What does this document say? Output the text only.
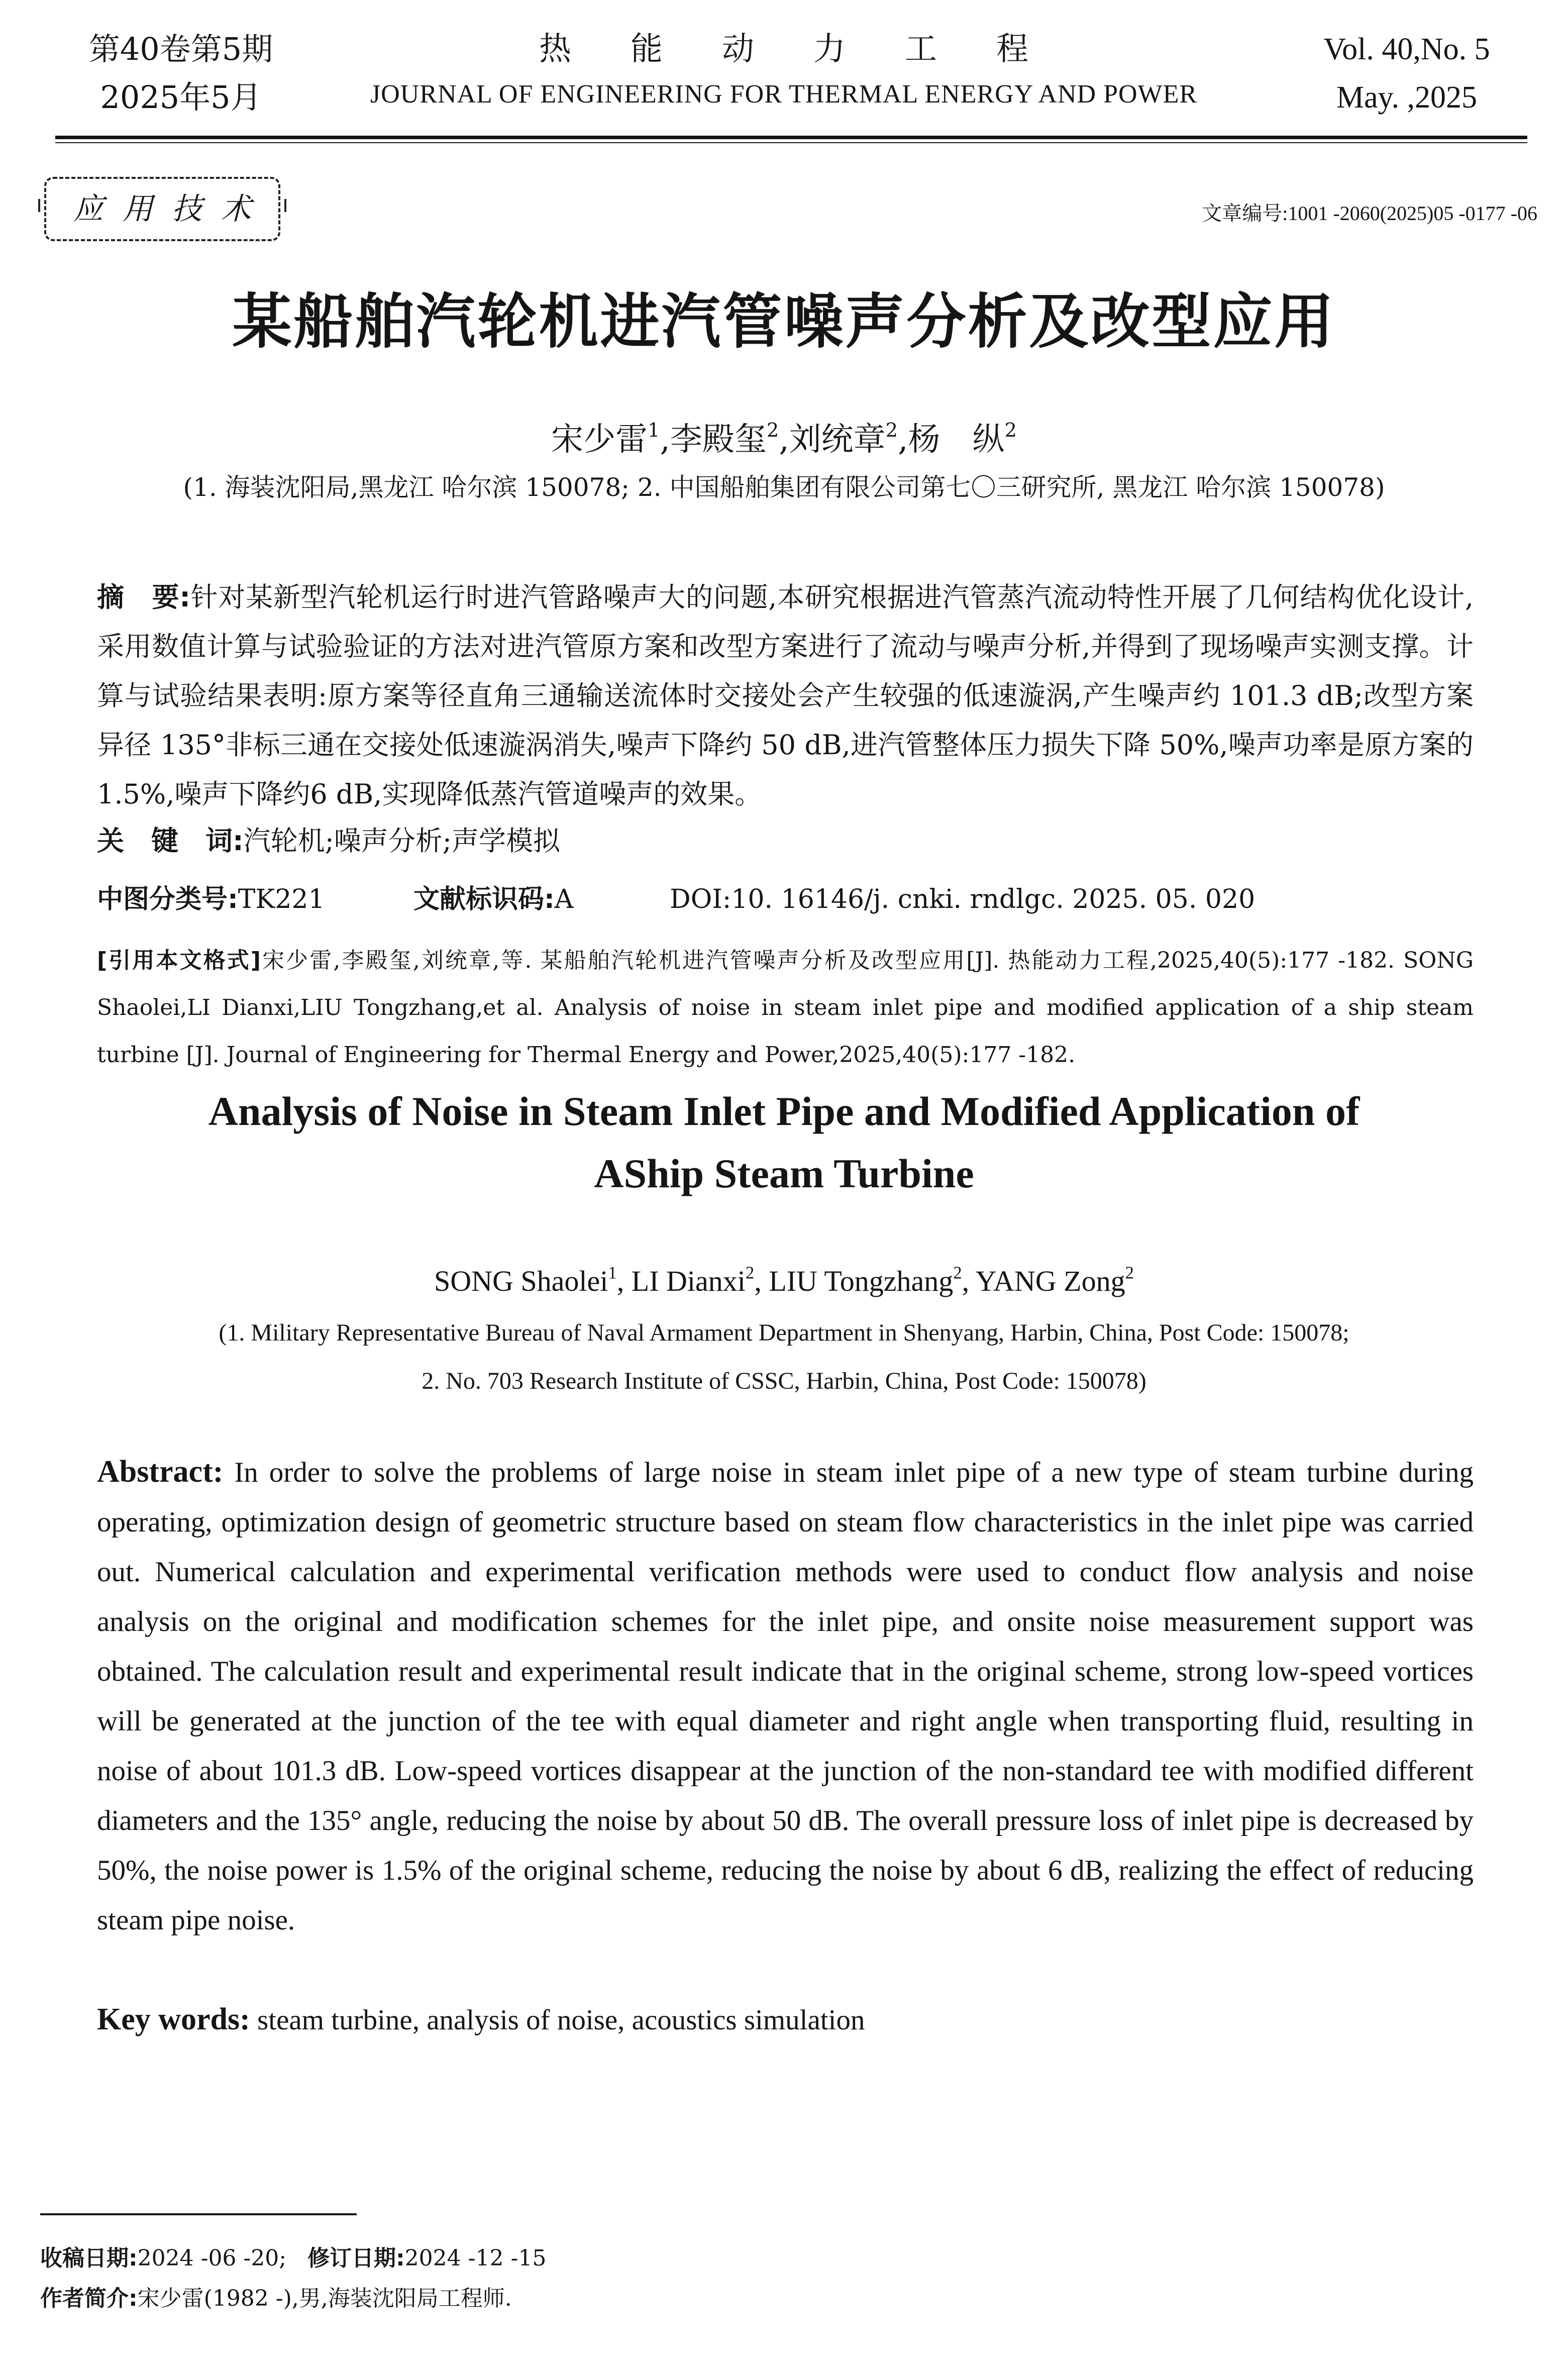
第40卷第5期
2025年5月
热能动力工程
JOURNAL OF ENGINEERING FOR THERMAL ENERGY AND POWER
Vol. 40,No. 5
May. ,2025
应用技术	文章编号:1001 -2060(2025)05 -0177 -06
某船舶汽轮机进汽管噪声分析及改型应用
宋少雷$^1$,李殿玺$^2$,刘统章$^2$,杨　纵$^2$
(1. 海装沈阳局,黑龙江 哈尔滨 150078; 2. 中国船舶集团有限公司第七〇三研究所, 黑龙江 哈尔滨 150078)
摘　要:针对某新型汽轮机运行时进汽管路噪声大的问题,本研究根据进汽管蒸汽流动特性开展了几何结构优化设计,采用数值计算与试验验证的方法对进汽管原方案和改型方案进行了流动与噪声分析,并得到了现场噪声实测支撑。计算与试验结果表明:原方案等径直角三通输送流体时交接处会产生较强的低速漩涡,产生噪声约 101.3 dB;改型方案异径 135°非标三通在交接处低速漩涡消失,噪声下降约 50 dB,进汽管整体压力损失下降 50%,噪声功率是原方案的 1.5%,噪声下降约6 dB,实现降低蒸汽管道噪声的效果。
关　键　词:汽轮机;噪声分析;声学模拟
中图分类号:TK221	文献标识码:A	DOI:10. 16146/j. cnki. rndlgc. 2025. 05. 020
[引用本文格式]宋少雷,李殿玺,刘统章,等. 某船舶汽轮机进汽管噪声分析及改型应用[J]. 热能动力工程,2025,40(5):177 -182. SONG Shaolei,LI Dianxi,LIU Tongzhang,et al. Analysis of noise in steam inlet pipe and modified application of a ship steam turbine [J]. Journal of Engineering for Thermal Energy and Power,2025,40(5):177 -182.
Analysis of Noise in Steam Inlet Pipe and Modified Application of
AShip Steam Turbine
SONG Shaolei$^1$, LI Dianxi$^2$, LIU Tongzhang$^2$, YANG Zong$^2$
(1. Military Representative Bureau of Naval Armament Department in Shenyang, Harbin, China, Post Code: 150078;
2. No. 703 Research Institute of CSSC, Harbin, China, Post Code: 150078)
Abstract: In order to solve the problems of large noise in steam inlet pipe of a new type of steam turbine during operating, optimization design of geometric structure based on steam flow characteristics in the inlet pipe was carried out. Numerical calculation and experimental verification methods were used to conduct flow analysis and noise analysis on the original and modification schemes for the inlet pipe, and onsite noise measurement support was obtained. The calculation result and experimental result indicate that in the original scheme, strong low-speed vortices will be generated at the junction of the tee with equal diameter and right angle when transporting fluid, resulting in noise of about 101.3 dB. Low-speed vortices disappear at the junction of the non-standard tee with modified different diameters and the 135° angle, reducing the noise by about 50 dB. The overall pressure loss of inlet pipe is decreased by 50%, the noise power is 1.5% of the original scheme, reducing the noise by about 6 dB, realizing the effect of reducing steam pipe noise.
Key words: steam turbine, analysis of noise, acoustics simulation
收稿日期:2024 -06 -20; 修订日期:2024 -12 -15
作者简介:宋少雷(1982 -),男,海装沈阳局工程师.
